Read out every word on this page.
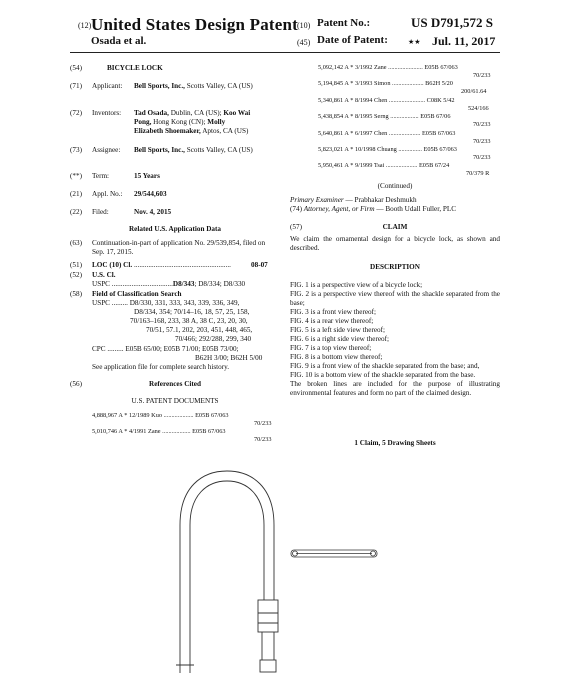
(12) United States Design Patent
Osada et al.
(10) Patent No.:	US D791,572 S
(45) Date of Patent:	★★ Jul. 11, 2017
(54)	BICYCLE LOCK
(71) Applicant: Bell Sports, Inc., Scotts Valley, CA (US)
(72) Inventors: Tad Osada, Dublin, CA (US); Koo Wai
Pong, Hong Kong (CN); Molly
Elizabeth Shoemaker, Aptos, CA (US)
(73) Assignee: Bell Sports, Inc., Scotts Valley, CA (US)
(**) Term:	15 Years
(21) Appl. No.: 29/544,603
(22) Filed:	Nov. 4, 2015
Related U.S. Application Data
(63) Continuation-in-part of application No. 29/539,854, filed on Sep. 17, 2015.
(51) LOC (10) Cl. ......................................................	08-07
(52) U.S. Cl.
USPC ..................................D8/343; D8/334; D8/330
(58) Field of Classification Search
USPC ......... D8/330, 331, 333, 343, 339, 336, 349,
D8/334, 354; 70/14–16, 18, 57, 25, 158,
70/163–168, 233, 38 A, 38 C, 23, 20, 30,
70/51, 57.1, 202, 203, 451, 448, 465,
70/466; 292/288, 299, 340
CPC ......... E05B 65/00; E05B 71/00; E05B 73/00;
B62H 3/00; B62H 5/00
See application file for complete search history.
(56)	References Cited
U.S. PATENT DOCUMENTS
4,888,967 A * 12/1989 Kuo ................... E05B 67/063
70/233
5,010,746 A * 4/1991 Zane .................. E05B 67/063
70/233
5,092,142 A * 3/1992 Zane ...................... E05B 67/063
70/233
5,194,845 A * 3/1993 Simon .................... B62H 5/20
200/61.64
5,340,861 A * 8/1994 Chen ....................... C08K 5/42
524/166
5,438,854 A * 8/1995 Serng .................. E05B 67/06
70/233
5,640,861 A * 6/1997 Chen .................... E05B 67/063
70/233
5,823,021 A * 10/1998 Chuang ............... E05B 67/063
70/233
5,950,461 A * 9/1999 Tsai .................... E05B 67/24
70/379 R
(Continued)
Primary Examiner — Prabhakar Deshmukh
(74) Attorney, Agent, or Firm — Booth Udall Fuller, PLC
(57)	CLAIM
We claim the ornamental design for a bicycle lock, as shown and described.
DESCRIPTION

FIG. 1 is a perspective view of a bicycle lock;

FIG. 2 is a perspective view thereof with the shackle separated from the base;

FIG. 3 is a front view thereof;

FIG. 4 is a rear view thereof;

FIG. 5 is a left side view thereof;

FIG. 6 is a right side view thereof;

FIG. 7 is a top view thereof;

FIG. 8 is a bottom view thereof;

FIG. 9 is a front view of the shackle separated from the base; and,

FIG. 10 is a bottom view of the shackle separated from the base.

The broken lines are included for the purpose of illustrating environmental features and form no part of the claimed design.

1 Claim, 5 Drawing Sheets
